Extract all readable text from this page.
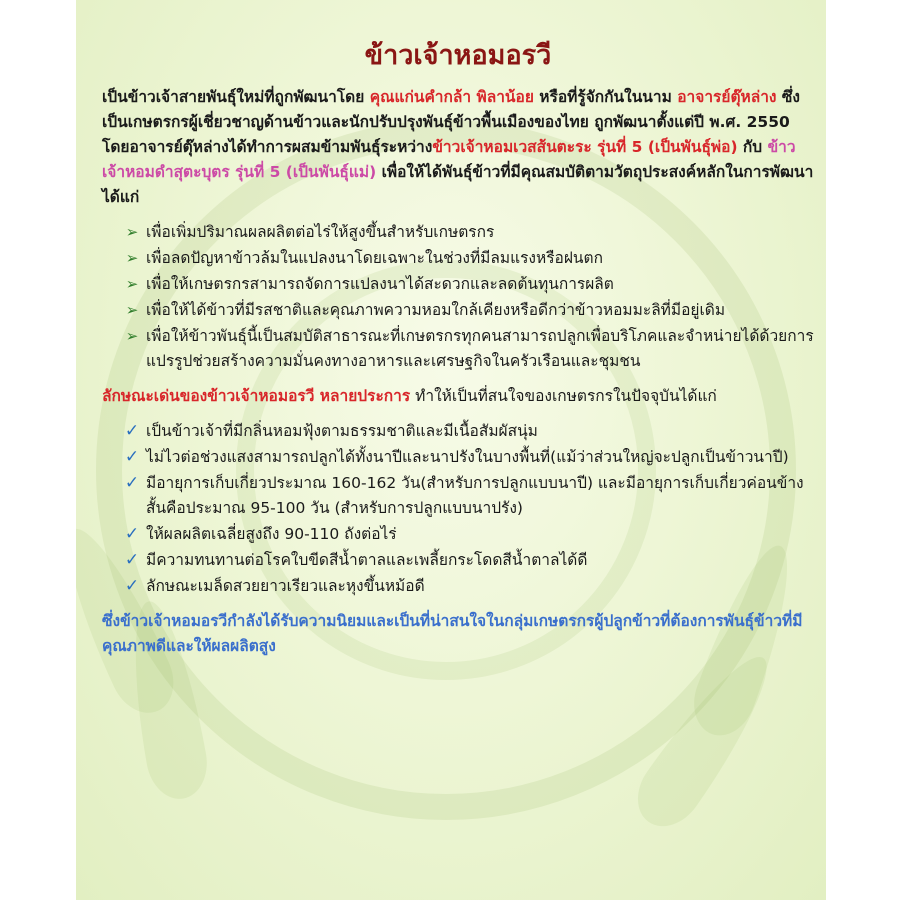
ข้าวเจ้าหอมอรวี

เป็นข้าวเจ้าสายพันธุ์ใหม่ที่ถูกพัฒนาโดย คุณแก่นคำกล้า พิลาน้อย หรือที่รู้จักกันในนาม อาจารย์ตุ๊หล่าง ซึ่งเป็นเกษตรกรผู้เชี่ยวชาญด้านข้าวและนักปรับปรุงพันธุ์ข้าวพื้นเมืองของไทย ถูกพัฒนาตั้งแต่ปี พ.ศ. 2550 โดยอาจารย์ตุ๊หล่างได้ทำการผสมข้ามพันธุ์ระหว่างข้าวเจ้าหอมเวสส้นตะระ รุ่นที่ 5 (เป็นพันธุ์พ่อ) กับ ข้าวเจ้าหอมดำสุตะบุตร รุ่นที่ 5 (เป็นพันธุ์แม่) เพื่อให้ได้พันธุ์ข้าวที่มีคุณสมบัติตามวัตถุประสงค์หลักในการพัฒนาได้แก่

➢ เพื่อเพิ่มปริมาณผลผลิตต่อไร่ให้สูงขึ้นสำหรับเกษตรกร
➢ เพื่อลดปัญหาข้าวล้มในแปลงนาโดยเฉพาะในช่วงที่มีลมแรงหรือฝนตก
➢ เพื่อให้เกษตรกรสามารถจัดการแปลงนาได้สะดวกและลดต้นทุนการผลิต
➢ เพื่อให้ได้ข้าวที่มีรสชาติและคุณภาพความหอมใกล้เคียงหรือดีกว่าข้าวหอมมะลิที่มีอยู่เดิม
➢ เพื่อให้ข้าวพันธุ์นี้เป็นสมบัติสาธารณะที่เกษตรกรทุกคนสามารถปลูกเพื่อบริโภคและจำหน่ายได้ด้วยการแปรรูปช่วยสร้างความมั่นคงทางอาหารและเศรษฐกิจในครัวเรือนและชุมชน

ลักษณะเด่นของข้าวเจ้าหอมอรวี หลายประการ ทำให้เป็นที่สนใจของเกษตรกรในปัจจุบันได้แก่

✓ เป็นข้าวเจ้าที่มีกลิ่นหอมฟุ้งตามธรรมชาติและมีเนื้อสัมผัสนุ่ม
✓ ไม่ไวต่อช่วงแสงสามารถปลูกได้ทั้งนาปีและนาปรังในบางพื้นที่(แม้ว่าส่วนใหญ่จะปลูกเป็นข้าวนาปี)
✓ มีอายุการเก็บเกี่ยวประมาณ 160-162 วัน(สำหรับการปลูกแบบนาปี) และมีอายุการเก็บเกี่ยวค่อนข้างสั้นคือประมาณ 95-100 วัน (สำหรับการปลูกแบบนาปรัง)
✓ ให้ผลผลิตเฉลี่ยสูงถึง 90-110 ถังต่อไร่
✓ มีความทนทานต่อโรคใบขีดสีน้ำตาลและเพลี้ยกระโดดสีน้ำตาลได้ดี
✓ ลักษณะเมล็ดสวยยาวเรียวและหุงขึ้นหม้อดี

ซึ่งข้าวเจ้าหอมอรวีกำลังได้รับความนิยมและเป็นที่น่าสนใจในกลุ่มเกษตรกรผู้ปลูกข้าวที่ต้องการพันธุ์ข้าวที่มีคุณภาพดีและให้ผลผลิตสูง
